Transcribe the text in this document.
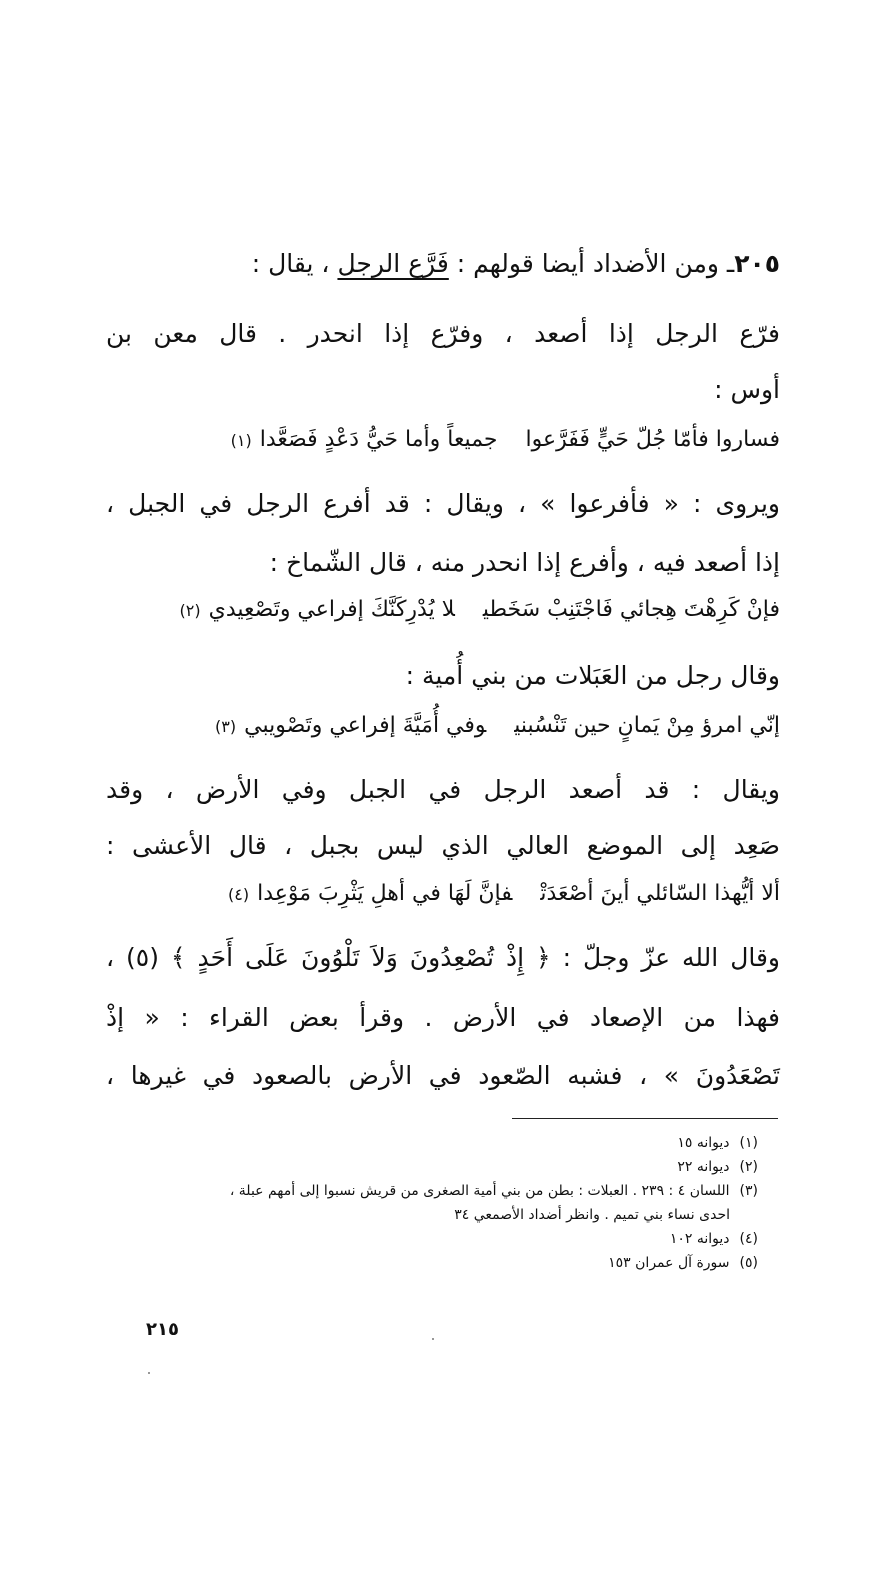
٢٠٥ـ ومن الأضداد أيضا قولهم : فَرَّع الرجل ، يقال :
فرّع الرجل إذا أصعد ، وفرّع إذا انحدر . قال معن بن
أوس :
فساروا فأمّا جُلّ حَيٍّ فَفَرَّعواجميعاً وأما حَيُّ دَعْدٍ فَصَعَّدا(١)
ويروى : « فأفرعوا » ، ويقال : قد أفرع الرجل في الجبل ،
إذا أصعد فيه ، وأفرع إذا انحدر منه ، قال الشّماخ :
فإنْ كَرِهْتَ هِجائي فَاجْتَنِبْ سَخَطيلا يُدْرِكَنَّكَ إفراعي وتَصْعِيدي(٢)
وقال رجل من العَبَلات من بني أُمية :
إنّي امرؤ مِنْ يَمانٍ حين تَنْسُبنيوفي أُمَيَّةَ إفراعي وتَصْويبي(٣)
ويقال : قد أصعد الرجل في الجبل وفي الأرض ، وقد
صَعِد إلى الموضع العالي الذي ليس بجبل ، قال الأعشى :
ألا أيُّهذا السّائلي أينَ أصْعَدَتْفإنَّ لَهَا في أهلِ يَثْرِبَ مَوْعِدا(٤)
وقال الله عزّ وجلّ : ﴿ إِذْ تُصْعِدُونَ وَلاَ تَلْوُونَ عَلَى أَحَدٍ ﴾ (٥) ،
فهذا من الإصعاد في الأرض . وقرأ بعض القراء : « إذْ
تَصْعَدُونَ » ، فشبه الصّعود في الأرض بالصعود في غيرها ،
(١)ديوانه ١٥
(٢)ديوانه ٢٢
(٣)اللسان ٤ : ٢٣٩ . العبلات : بطن من بني أمية الصغرى من قريش نسبوا إلى أمهم عبلة ،
احدى نساء بني تميم . وانظر أضداد الأصمعي ٣٤
(٤)ديوانه ١٠٢
(٥)سورة آل عمران ١٥٣
٢١٥
